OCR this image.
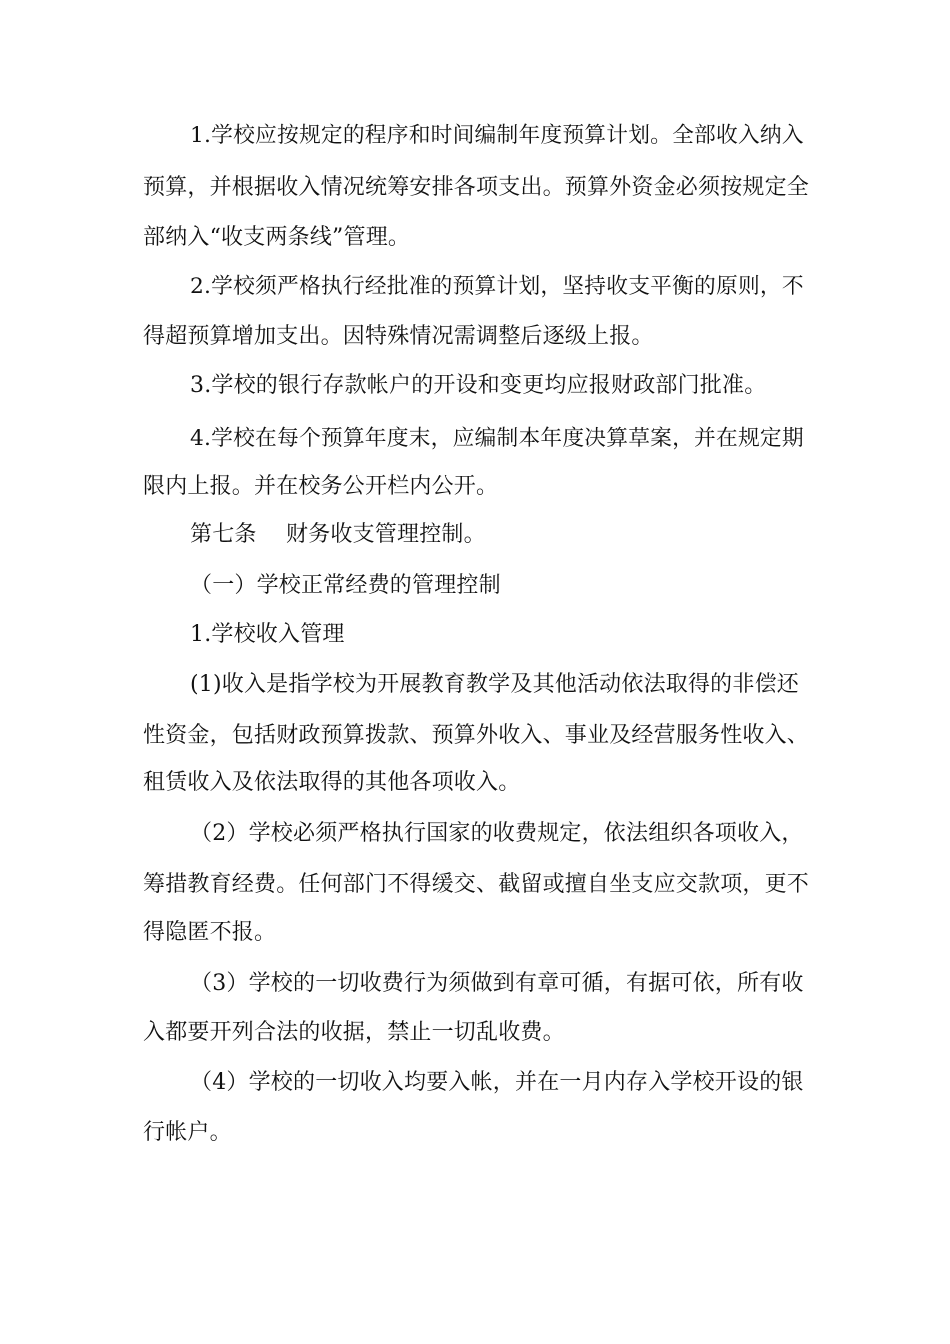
1.学校应按规定的程序和时间编制年度预算计划。全部收入纳入
预算，并根据收入情况统筹安排各项支出。预算外资金必须按规定全
部纳入“收支两条线”管理。
2.学校须严格执行经批准的预算计划，坚持收支平衡的原则，不
得超预算增加支出。因特殊情况需调整后逐级上报。
3.学校的银行存款帐户的开设和变更均应报财政部门批准。
4.学校在每个预算年度末，应编制本年度决算草案，并在规定期
限内上报。并在校务公开栏内公开。
第七条　 财务收支管理控制。
（一）学校正常经费的管理控制
1.学校收入管理
(1)收入是指学校为开展教育教学及其他活动依法取得的非偿还
性资金，包括财政预算拨款、预算外收入、事业及经营服务性收入、
租赁收入及依法取得的其他各项收入。
（2）学校必须严格执行国家的收费规定，依法组织各项收入，
筹措教育经费。任何部门不得缓交、截留或擅自坐支应交款项，更不
得隐匿不报。
（3）学校的一切收费行为须做到有章可循，有据可依，所有收
入都要开列合法的收据，禁止一切乱收费。
（4）学校的一切收入均要入帐，并在一月内存入学校开设的银
行帐户。
